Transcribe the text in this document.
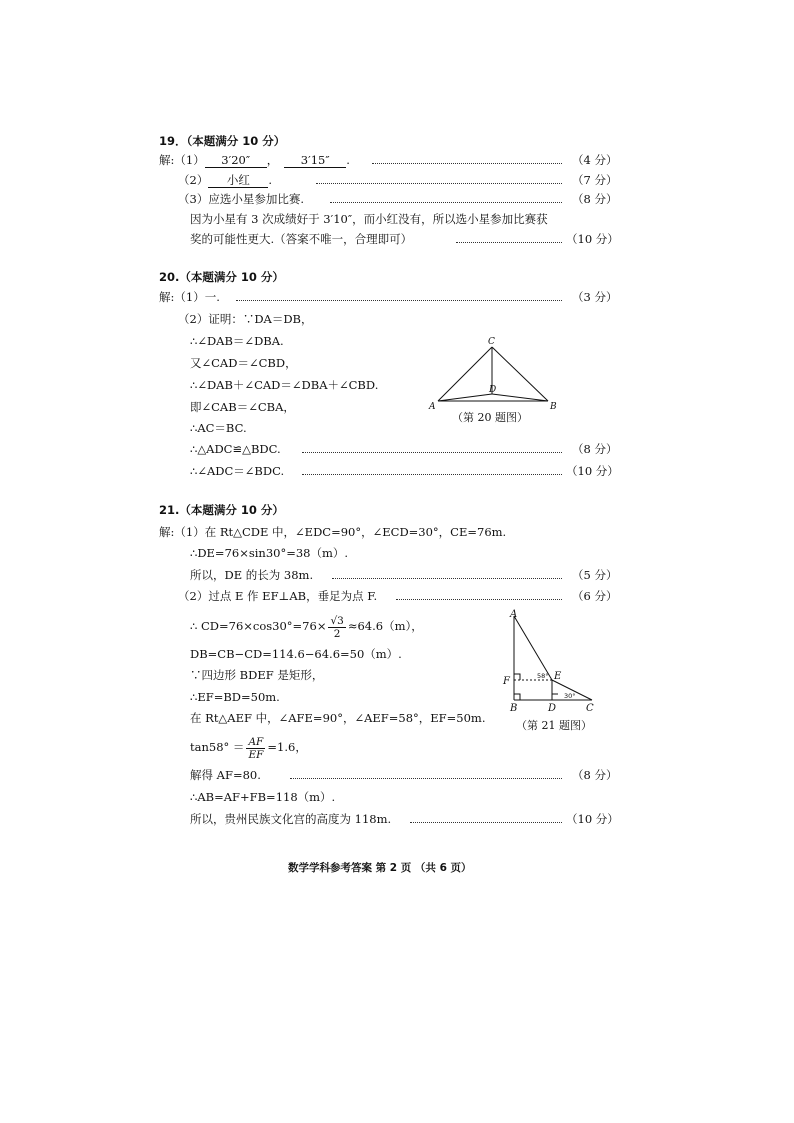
19．（本题满分 10 分）
解:（1） 3′20″ ， 3′15″ .	（4 分）
（2） 小红 .	（7 分）
（3）应选小星参加比赛.	（8 分）
因为小星有 3 次成绩好于 3′10″，而小红没有，所以选小星参加比赛获
奖的可能性更大.（答案不唯一，合理即可）	（10 分）
20.（本题满分 10 分）
解:（1）一.	（3 分）
（2）证明：∵DA＝DB，
∴∠DAB＝∠DBA.
又∠CAD＝∠CBD，
∴∠DAB＋∠CAD＝∠DBA＋∠CBD.
即∠CAB＝∠CBA，
∴AC＝BC.
∴△ADC≌△BDC.	（8 分）
∴∠ADC＝∠BDC.	（10 分）
C
A	B
D
（第 20 题图）
21.（本题满分 10 分）
解:（1）在 Rt△CDE 中，∠EDC=90°，∠ECD=30°，CE=76m.
∴DE=76×sin30°=38（m）.
所以，DE 的长为 38m.	（5 分）
（2）过点 E 作 EF⊥AB，垂足为点 F.	（6 分）
∴ $CD=76\times\cos 30^\circ=76\times \frac{√3}{2} \approx 64.6(m)$，
DB=CB−CD=114.6−64.6=50（m）.
∵四边形 BDEF 是矩形，
∴EF=BD=50m.
在 Rt△AEF 中，∠AFE=90°，∠AEF=58°，EF=50m.
$\tan 58^\circ = \frac{AF}{EF} =1.6$，
解得 AF=80.	（8 分）
∴AB=AF+FB=118（m）.
所以，贵州民族文化宫的高度为 118m.	（10 分）
A
F	E
B	D	C
58°
30°
（第 21 题图）
数学学科参考答案 第 2 页 （共 6 页）
